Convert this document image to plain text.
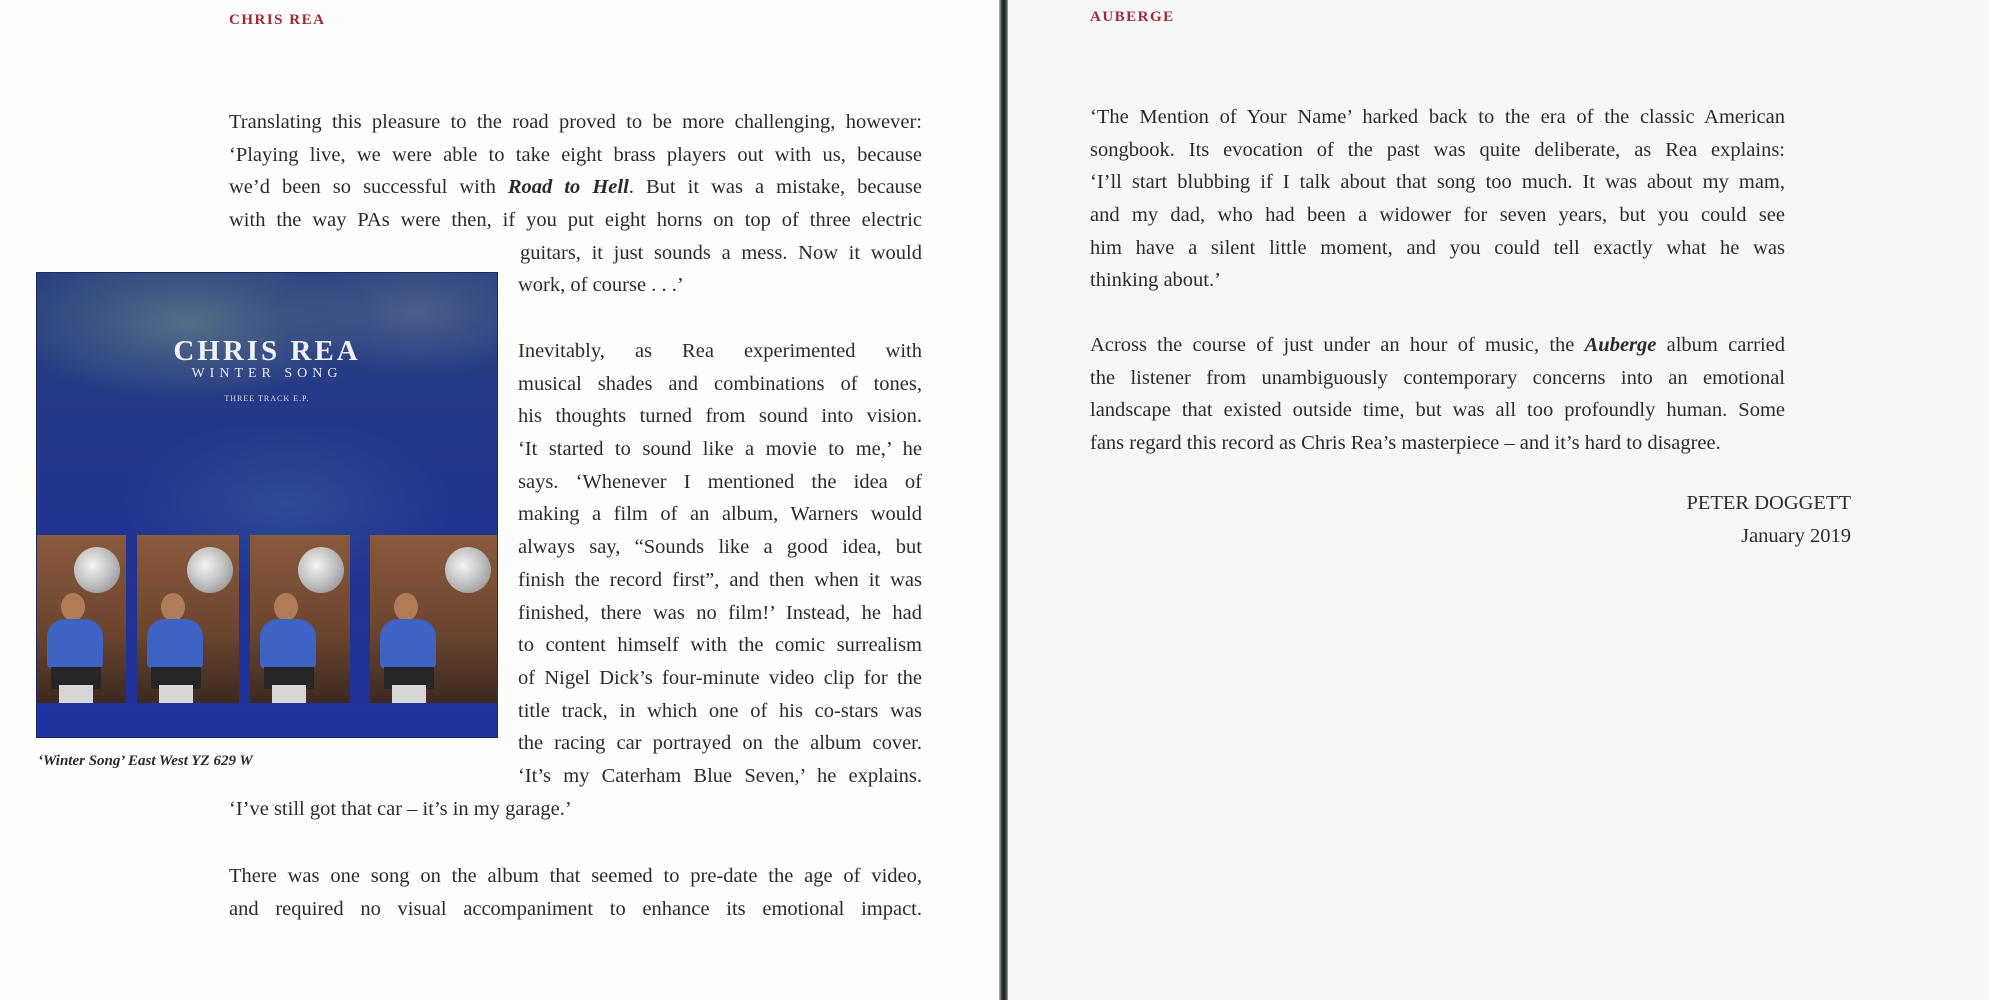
CHRIS REA
Translating this pleasure to the road proved to be more challenging, however:
‘Playing live, we were able to take eight brass players out with us, because
we’d been so successful with Road to Hell. But it was a mistake, because
with the way PAs were then, if you put eight horns on top of three electric
guitars, it just sounds a mess. Now it would
work, of course . . .’
CHRIS REA
WINTER SONG
THREE TRACK E.P.
‘Winter Song’ East West YZ 629 W
Inevitably, as Rea experimented with
musical shades and combinations of tones,
his thoughts turned from sound into vision.
‘It started to sound like a movie to me,’ he
says. ‘Whenever I mentioned the idea of
making a film of an album, Warners would
always say, “Sounds like a good idea, but
finish the record first”, and then when it was
finished, there was no film!’ Instead, he had
to content himself with the comic surrealism
of Nigel Dick’s four-minute video clip for the
title track, in which one of his co-stars was
the racing car portrayed on the album cover.
‘It’s my Caterham Blue Seven,’ he explains.
‘I’ve still got that car – it’s in my garage.’
There was one song on the album that seemed to pre-date the age of video,
and required no visual accompaniment to enhance its emotional impact.
AUBERGE
‘The Mention of Your Name’ harked back to the era of the classic American
songbook. Its evocation of the past was quite deliberate, as Rea explains:
‘I’ll start blubbing if I talk about that song too much. It was about my mam,
and my dad, who had been a widower for seven years, but you could see
him have a silent little moment, and you could tell exactly what he was
thinking about.’
Across the course of just under an hour of music, the Auberge album carried
the listener from unambiguously contemporary concerns into an emotional
landscape that existed outside time, but was all too profoundly human. Some
fans regard this record as Chris Rea’s masterpiece – and it’s hard to disagree.
PETER DOGGETT
January 2019
